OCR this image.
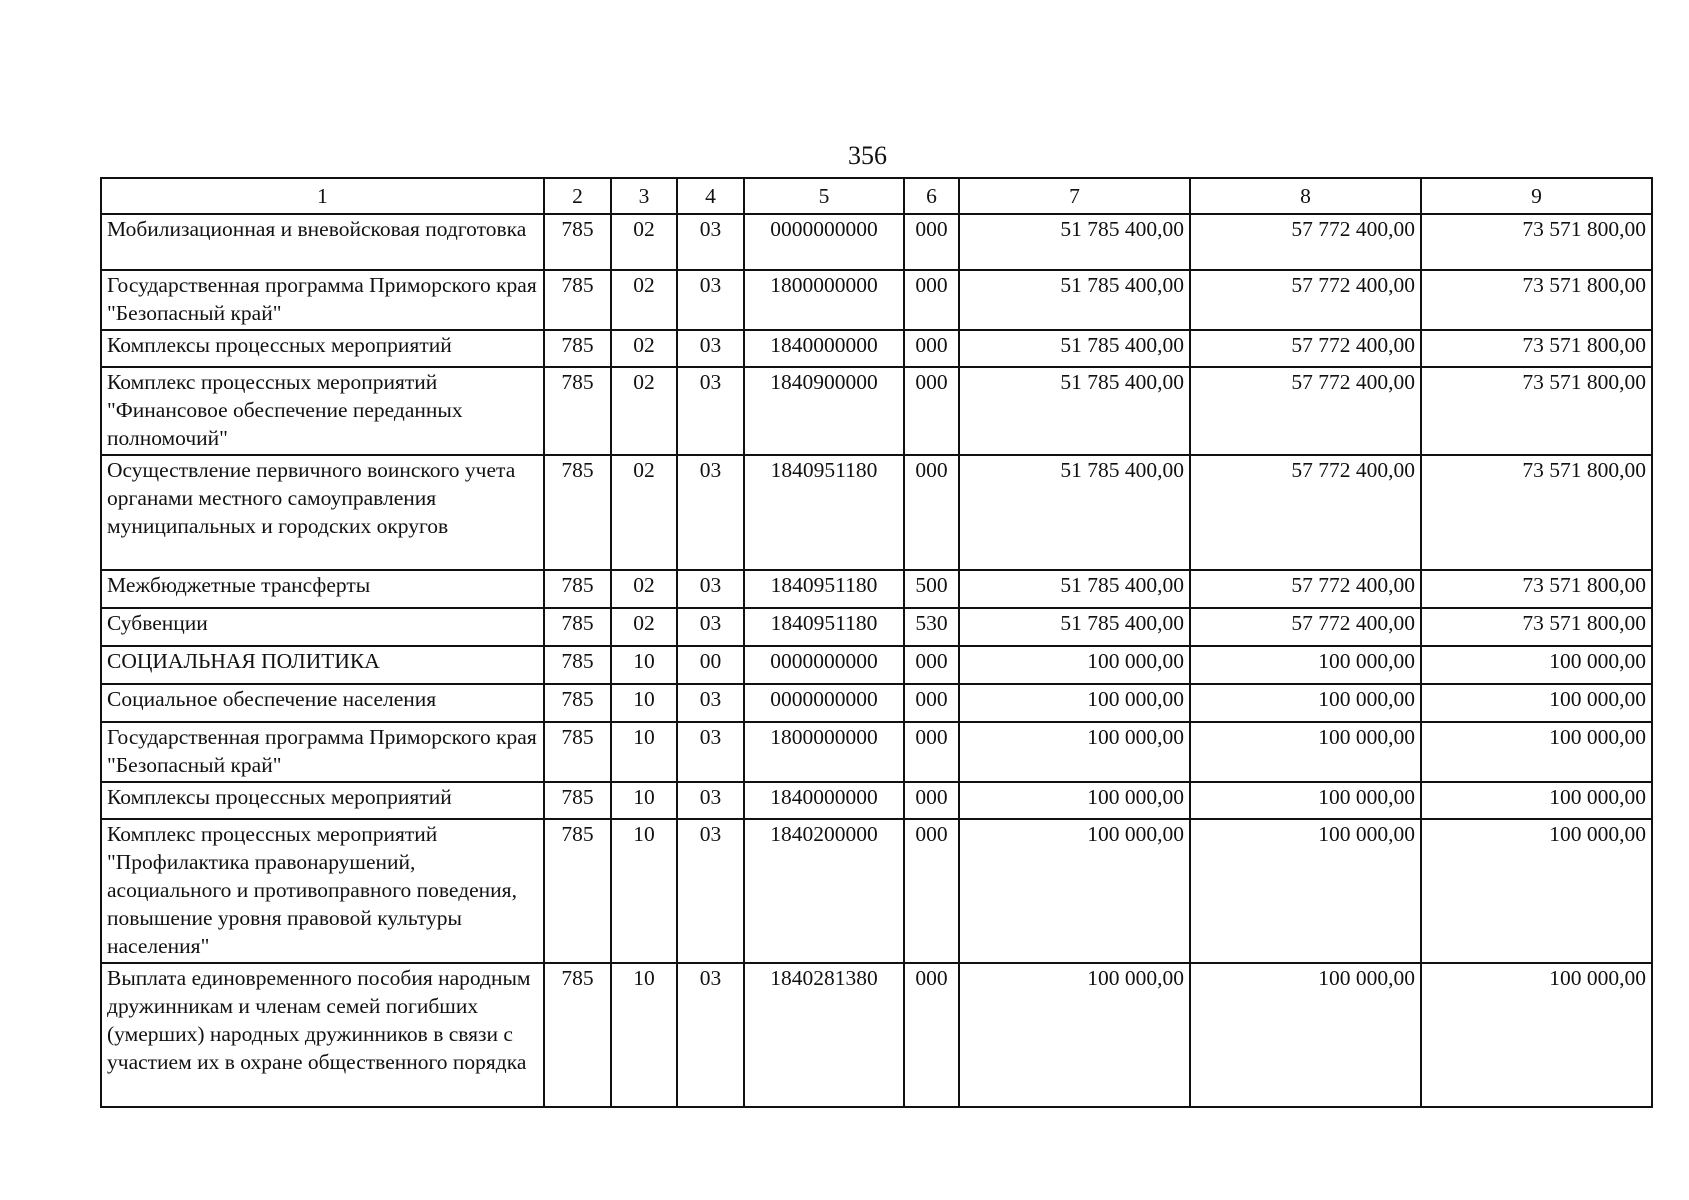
356
1	2	3	4	5	6	7	8	9
Мобилизационная и вневойсковая подготовка	785	02	03	0000000000	000	51 785 400,00	57 772 400,00	73 571 800,00
Государственная программа Приморского края "Безопасный край"	785	02	03	1800000000	000	51 785 400,00	57 772 400,00	73 571 800,00
Комплексы процессных мероприятий	785	02	03	1840000000	000	51 785 400,00	57 772 400,00	73 571 800,00
Комплекс процессных мероприятий "Финансовое обеспечение переданных полномочий"	785	02	03	1840900000	000	51 785 400,00	57 772 400,00	73 571 800,00
Осуществление первичного воинского учета органами местного самоуправления муниципальных и городских округов	785	02	03	1840951180	000	51 785 400,00	57 772 400,00	73 571 800,00
Межбюджетные трансферты	785	02	03	1840951180	500	51 785 400,00	57 772 400,00	73 571 800,00
Субвенции	785	02	03	1840951180	530	51 785 400,00	57 772 400,00	73 571 800,00
СОЦИАЛЬНАЯ ПОЛИТИКА	785	10	00	0000000000	000	100 000,00	100 000,00	100 000,00
Социальное обеспечение населения	785	10	03	0000000000	000	100 000,00	100 000,00	100 000,00
Государственная программа Приморского края "Безопасный край"	785	10	03	1800000000	000	100 000,00	100 000,00	100 000,00
Комплексы процессных мероприятий	785	10	03	1840000000	000	100 000,00	100 000,00	100 000,00
Комплекс процессных мероприятий "Профилактика правонарушений, асоциального и противоправного поведения, повышение уровня правовой культуры населения"	785	10	03	1840200000	000	100 000,00	100 000,00	100 000,00
Выплата единовременного пособия народным дружинникам и членам семей погибших (умерших) народных дружинников в связи с участием их в охране общественного порядка	785	10	03	1840281380	000	100 000,00	100 000,00	100 000,00
